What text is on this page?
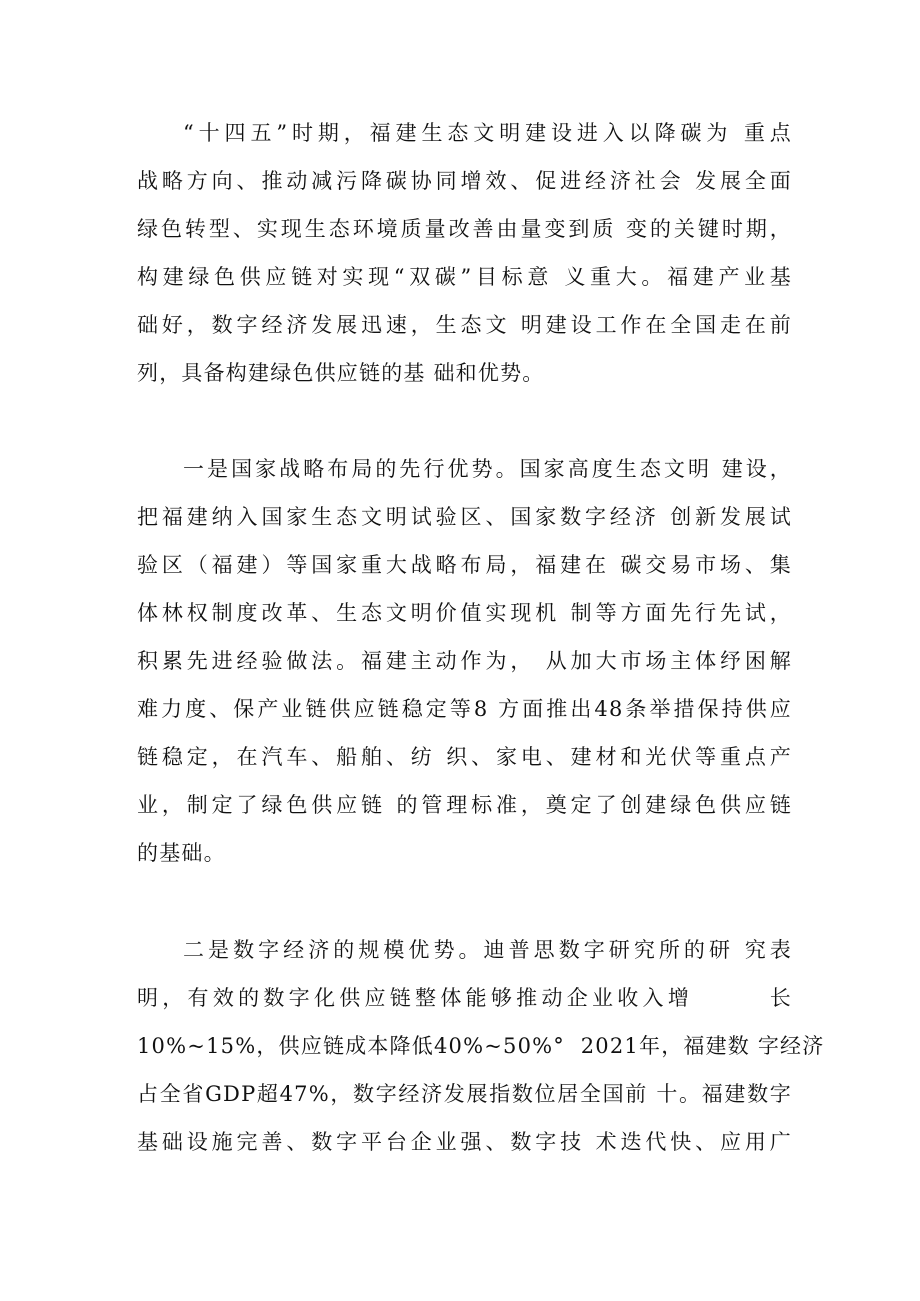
“十四五”时期，福建生态文明建设进入以降碳为 重点
战略方向、推动减污降碳协同增效、促进经济社会 发展全面
绿色转型、实现生态环境质量改善由量变到质 变的关键时期，
构建绿色供应链对实现“双碳”目标意 义重大。福建产业基
础好，数字经济发展迅速，生态文 明建设工作在全国走在前
列，具备构建绿色供应链的基 础和优势。
一是国家战略布局的先行优势。国家高度生态文明 建设，
把福建纳入国家生态文明试验区、国家数字经济 创新发展试
验区（福建）等国家重大战略布局，福建在 碳交易市场、集
体林权制度改革、生态文明价值实现机 制等方面先行先试，
积累先进经验做法。福建主动作为， 从加大市场主体纾困解
难力度、保产业链供应链稳定等8 方面推出48条举措保持供应
链稳定，在汽车、船舶、纺 织、家电、建材和光伏等重点产
业，制定了绿色供应链 的管理标准，奠定了创建绿色供应链
的基础。
二是数字经济的规模优势。迪普思数字研究所的研 究表
明，有效的数字化供应链整体能够推动企业收入增       长
10%~15%，供应链成本降低40%~50%°  2021年，福建数 字经济
占全省GDP超47%，数字经济发展指数位居全国前 十。福建数字
基础设施完善、数字平台企业强、数字技 术迭代快、应用广
